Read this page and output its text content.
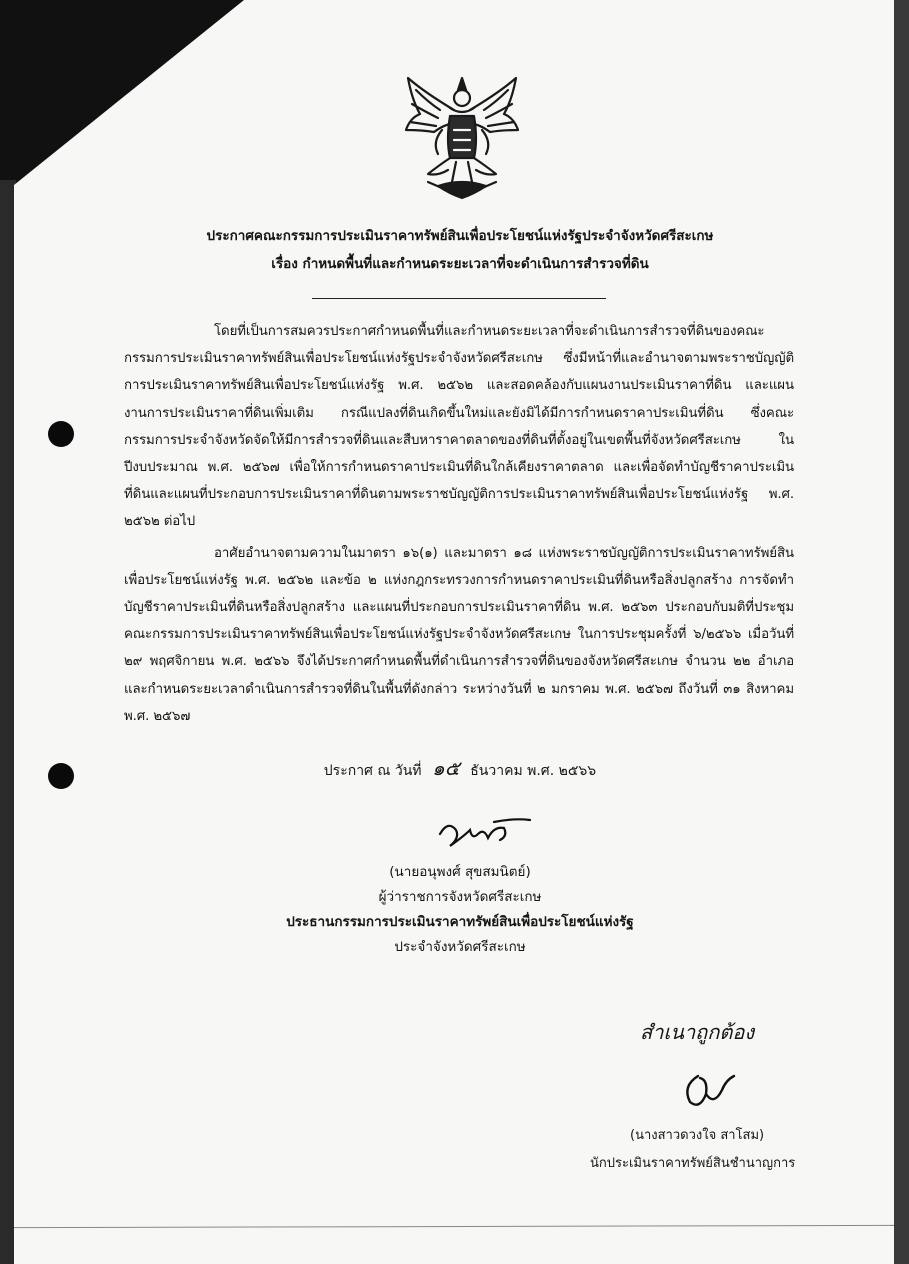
ประกาศคณะกรรมการประเมินราคาทรัพย์สินเพื่อประโยชน์แห่งรัฐประจำจังหวัดศรีสะเกษ
เรื่อง กำหนดพื้นที่และกำหนดระยะเวลาที่จะดำเนินการสำรวจที่ดิน

โดยที่เป็นการสมควรประกาศกำหนดพื้นที่และกำหนดระยะเวลาที่จะดำเนินการสำรวจที่ดินของคณะกรรมการประเมินราคาทรัพย์สินเพื่อประโยชน์แห่งรัฐประจำจังหวัดศรีสะเกษ ซึ่งมีหน้าที่และอำนาจตามพระราชบัญญัติการประเมินราคาทรัพย์สินเพื่อประโยชน์แห่งรัฐ พ.ศ. ๒๕๖๒ และสอดคล้องกับแผนงานประเมินราคาที่ดิน และแผนงานการประเมินราคาที่ดินเพิ่มเติม กรณีแปลงที่ดินเกิดขึ้นใหม่และยังมิได้มีการกำหนดราคาประเมินที่ดิน ซึ่งคณะกรรมการประจำจังหวัดจัดให้มีการสำรวจที่ดินและสืบหาราคาตลาดของที่ดินที่ตั้งอยู่ในเขตพื้นที่จังหวัดศรีสะเกษ ในปีงบประมาณ พ.ศ. ๒๕๖๗ เพื่อให้การกำหนดราคาประเมินที่ดินใกล้เคียงราคาตลาด และเพื่อจัดทำบัญชีราคาประเมินที่ดินและแผนที่ประกอบการประเมินราคาที่ดินตามพระราชบัญญัติการประเมินราคาทรัพย์สินเพื่อประโยชน์แห่งรัฐ พ.ศ. ๒๕๖๒ ต่อไป

อาศัยอำนาจตามความในมาตรา ๑๖(๑) และมาตรา ๑๘ แห่งพระราชบัญญัติการประเมินราคาทรัพย์สินเพื่อประโยชน์แห่งรัฐ พ.ศ. ๒๕๖๒ และข้อ ๒ แห่งกฎกระทรวงการกำหนดราคาประเมินที่ดินหรือสิ่งปลูกสร้าง การจัดทำบัญชีราคาประเมินที่ดินหรือสิ่งปลูกสร้าง และแผนที่ประกอบการประเมินราคาที่ดิน พ.ศ. ๒๕๖๓ ประกอบกับมติที่ประชุมคณะกรรมการประเมินราคาทรัพย์สินเพื่อประโยชน์แห่งรัฐประจำจังหวัดศรีสะเกษ ในการประชุมครั้งที่ ๖/๒๕๖๖ เมื่อวันที่ ๒๙ พฤศจิกายน พ.ศ. ๒๕๖๖ จึงได้ประกาศกำหนดพื้นที่ดำเนินการสำรวจที่ดินของจังหวัดศรีสะเกษ จำนวน ๒๒ อำเภอ และกำหนดระยะเวลาดำเนินการสำรวจที่ดินในพื้นที่ดังกล่าว ระหว่างวันที่ ๒ มกราคม พ.ศ. ๒๕๖๗ ถึงวันที่ ๓๑ สิงหาคม พ.ศ. ๒๕๖๗

ประกาศ ณ วันที่ ๑๕ ธันวาคม พ.ศ. ๒๕๖๖
(นายอนุพงศ์ สุขสมนิตย์)
ผู้ว่าราชการจังหวัดศรีสะเกษ
ประธานกรรมการประเมินราคาทรัพย์สินเพื่อประโยชน์แห่งรัฐ
ประจำจังหวัดศรีสะเกษ
สำเนาถูกต้อง
(นางสาวดวงใจ สาโสม)
นักประเมินราคาทรัพย์สินชำนาญการ
